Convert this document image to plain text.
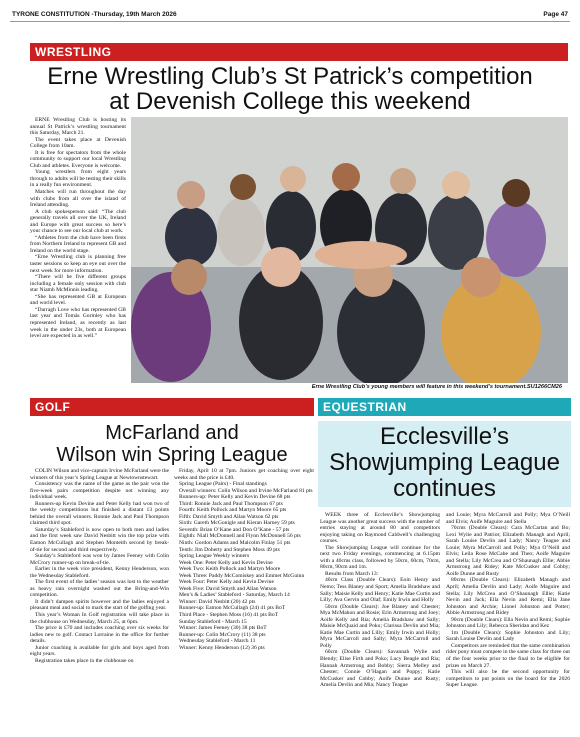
TYRONE CONSTITUTION -Thursday, 19th March 2026	Page 47
WRESTLING
Erne Wrestling Club’s St Patrick’s competition
at Devenish College this weekend

ERNE Wrestling Club is hosting its annual St Patrick’s wrestling tournament this Saturday, March 21.

The event takes place at Devenish College from 10am.

It is free for spectators from the whole community to support our local Wrestling Club and athletes. Everyone is welcome.

Young wrestlers from eight years through to adults will be testing their skills in a really fun environment.

Matches will run throughout the day with clubs from all over the island of Ireland attending.

A club spokesperson said: “The club generally travels all over the UK, Ireland and Europe with great success so here’s your chance to see our local club at work.

“Athletes from the club have been firsts from Northern Ireland to represent GB and Ireland on the world stage.

“Erne Wrestling club is planning free taster sessions so keep an eye out over the next week for more information.

“There will be five different groups including a female only session with club star Niamh McMinnis leading.

“She has represented GB at European and world level.

“Darragh Love who has represented GB last year and Tomás Gormley who has represented Ireland, as recently as last week in the under 23s, both at European level are expected in as well.”

Erne Wrestling Club’s young members will feature in this weekend’s tournament.SU1266CM26
GOLF
McFarland and
Wilson win Spring League

COLIN Wilson and vice-captain Irvine McFarland were the winners of this year’s Spring League at Newtownstewart.

Consistency was the name of the game as the pair won the five-week pairs competition despite not winning any individual week.

Runners-up Kevin Devine and Peter Kelly had won two of the weekly competitions but finished a distant 13 points behind the overall winners. Ronnie Jack and Paul Thompson claimed third spot.

Saturday’s Stableford is now open to both men and ladies and the first week saw David Nesbitt win the top prize with Eamon McCullagh and Stephen Monteith second by break-of-tie for second and third respectively.

Sunday’s Stableford was won by James Feeney with Colin McCrory runner-up on break-of-tie.

Earlier in the week vice president, Kenny Henderson, won the Wednesday Stableford.

The first event of the ladies’ season was lost to the weather as heavy rain overnight washed out the Bring-and-Win competition.

It didn’t dampen spirits however and the ladies enjoyed a pleasant meal and social to mark the start of the golfing year.

This year’s Woman In Golf registration will take place in the clubhouse on Wednesday, March 25, at 6pm.

The price is £70 and includes coaching over six weeks for ladies new to golf. Contact Lorraine in the office for further details.

Junior coaching is available for girls and boys aged from eight years.

Registration takes place in the clubhouse on

Friday, April 10 at 7pm. Juniors get coaching over eight weeks and the price is £40.

Spring League (Pairs) - Final standings

Overall winners: Colin Wilson and Irvine McFarland 81 pts

Runners-up: Peter Kelly and Kevin Devine 68 pts

Third: Ronnie Jack and Paul Thompson 67 pts

Fourth: Keith Pollock and Martyn Moore 65 pts

Fifth: David Smyth and Allan Watson 62 pts

Sixth: Gareth McGonigle and Kieran Harney 59 pts

Seventh: Brian O’Kane and Don O’Kane - 57 pts

Eighth: Niall McDonnell and Flynn McDonnell 56 pts

Ninth: Gordon Adams and Malcolm Finlay 51 pts

Tenth: Jim Doherty and Stephen Moss 49 pts

Spring League Weekly winners

Week One: Peter Kelly and Kevin Devine

Week Two: Keith Pollock and Martyn Moore

Week Three: Paddy McComiskey and Emmet McGuinn

Week Four: Peter Kelly and Kevin Devine

Week Five: David Smyth and Allan Watson

Men’s & Ladies’ Stableford - Saturday, March 14

Winner: David Nesbitt (20) 42 pts

Runner-up: Eamon McCullagh (24) 41 pts BoT

Third Place - Stephen Moss (16) 41 pts BoT

Sunday Stableford - March 15

Winner: James Feeney (30) 38 pts BoT

Runner-up: Colin McCrory (11) 38 pts

Wednesday Stableford - March 11

Winner: Kenny Henderson (12) 36 pts

EQUESTRIAN
Ecclesville’s
Showjumping League
continues

WEEK three of Ecclesville’s Showjumping League was another great success with the number of entries staying at around 80 and competitors enjoying taking on Raymond Caldwell’s challenging courses.

The Showjumping League will continue for the next two Friday evenings, commencing at 6.15pm with a 40cms class, followed by 50cm, 60cm, 70cm, 80cm, 90cm and 1m.

Results from March 13:

40cm Class (Double Clears): Eoin Henry and Nemo; Tess Blaney and Sport; Amelia Bradshaw and Sally; Maisie Kelly and Henry; Katie Mae Curtin and Lilly; Ava Gervin and Olaf; Emily Irwin and Holly

50cm (Double Clears): Joe Blaney and Chester; Mya McMahon and Rosie; Erin Armstrong and Joey; Aoife Kelly and Ria; Amelia Bradshaw and Sally; Maisie McQuaid and Poko; Clarissa Devlin and Mia; Katie Mae Curtin and Lilly; Emily Irwin and Holly; Myra McCarroll and Sally; Myra McCarroll and Polly

60cm (Double Clears): Savannah Wylie and Blendy; Elise Firth and Poko; Lucy Beagle and Ria; Hannah Armstrong and Bobby; Sierra Melley and Chester; Connie O’Hagan and Poppy; Katie McCusker and Cobby; Aoife Dunne and Rusty; Amelia Devlin and Mia; Nancy Teague

and Louie; Myra McCarroll and Polly; Mya O’Neill and Elvis; Aoife Maguire and Stella

70cms (Double Clears): Cara McCartan and Bo; Lexi Wylie and Patriot; Elizabeth Managh and April; Sarah Louise Devlin and Lady; Nancy Teague and Louie; Myra McCarroll and Polly; Mya O’Neill and Elvis; Leila Rose McCabe and Theo; Aoife Maguire and Stella; Lily McCrea and O’Shaunagh Ellie; Abbie Armstrong and Ridey; Kate McCusker and Cobby; Aoife Dunne and Rusty

80cms (Double Clears): Elizabeth Managh and April; Amelia Devlin and Lady; Aoife Maguire and Stella; Lily McCrea and O’Shaunagh Ellie; Katie Nevin and Jack; Ella Nevin and Remi; Ella Jane Johnston and Archie; Lionel Johnston and Potter; Abbie Armstrong and Ridey

90cm (Double Clears): Ella Nevin and Remi; Sophie Johnston and Lily; Rebecca Sheridan and Kez

1m (Double Clears): Sophie Johnston and Lily; Sarah Louise Devlin and Lady

Competitors are reminded that the same combination rider pony must compete in the same class for three out of the four weeks prior to the final to be eligible for prizes on March 27.

This will also be the second opportunity for competitors to put points on the board for the 2026 Super League.
